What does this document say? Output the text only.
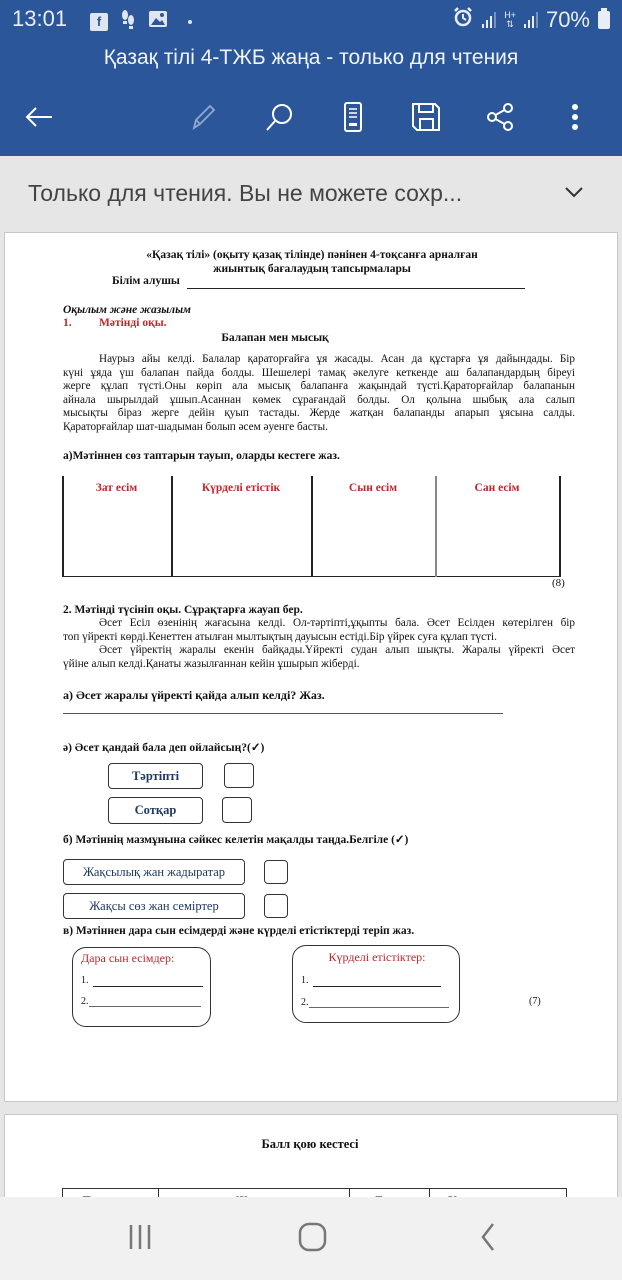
13:01	f	H+
⇅ 70%
Қазақ тілі 4-ТЖБ жаңа - только для чтения
Только для чтения. Вы не можете сохр...
«Қазақ тілі» (оқыту қазақ тілінде) пәнінен 4-тоқсанға арналған
жиынтық бағалаудың тапсырмалары
Білім алушы
Оқылым және жазылым
1. Мәтінді оқы.
Балапан мен мысық
Наурыз айы келді. Балалар қараторғайға ұя жасады. Асан да құстарға ұя дайындады. Бір
күні ұяда үш балапан пайда болды. Шешелері тамақ әкелуге кеткенде аш балапандардың біреуі
жерге құлап түсті.Оны көріп ала мысық балапанға жақындай түсті.Қараторғайлар балапанын
айнала шырылдай ұшып.Асаннан көмек сұрағандай болды. Ол қолына шыбық ала салып
мысықты біраз жерге дейін қуып тастады. Жерде жатқан балапанды апарып ұясына салды.
Қараторғайлар шат-шадыман болып әсем әуенге басты.
а)Мәтіннен сөз таптарын тауып, оларды кестеге жаз.
Зат есім	Күрделі етістік	Сын есім	Сан есім
(8)
2. Мәтінді түсініп оқы. Сұрақтарға жауап бер.
Әсет Есіл өзенінің жағасына келді. Ол-тәртіпті,ұқыпты бала. Әсет Есілден көтерілген бір
топ үйректі көрді.Кенеттен атылған мылтықтың дауысын естіді.Бір үйрек суға құлап түсті.
Әсет үйректің жаралы екенін байқады.Үйректі судан алып шықты. Жаралы үйректі Әсет
үйіне алып келді.Қанаты жазылғаннан кейін ұшырып жіберді.
а) Әсет жаралы үйректі қайда алып келді? Жаз.
ә) Әсет қандай бала деп ойлайсың?(✓)
Тәртіпті
Сотқар
б) Мәтіннің мазмұнына сәйкес келетін мақалды таңда.Белгіле (✓)
Жақсылық жан жадыратар
Жақсы сөз жан семіртер
в) Мәтіннен дара сын есімдерді және күрделі етістіктерді теріп жаз.
Дара сын есімдер:
1.
2.
Күрделі етістіктер:
1.
2.	(7)
Балл қою кестесі
